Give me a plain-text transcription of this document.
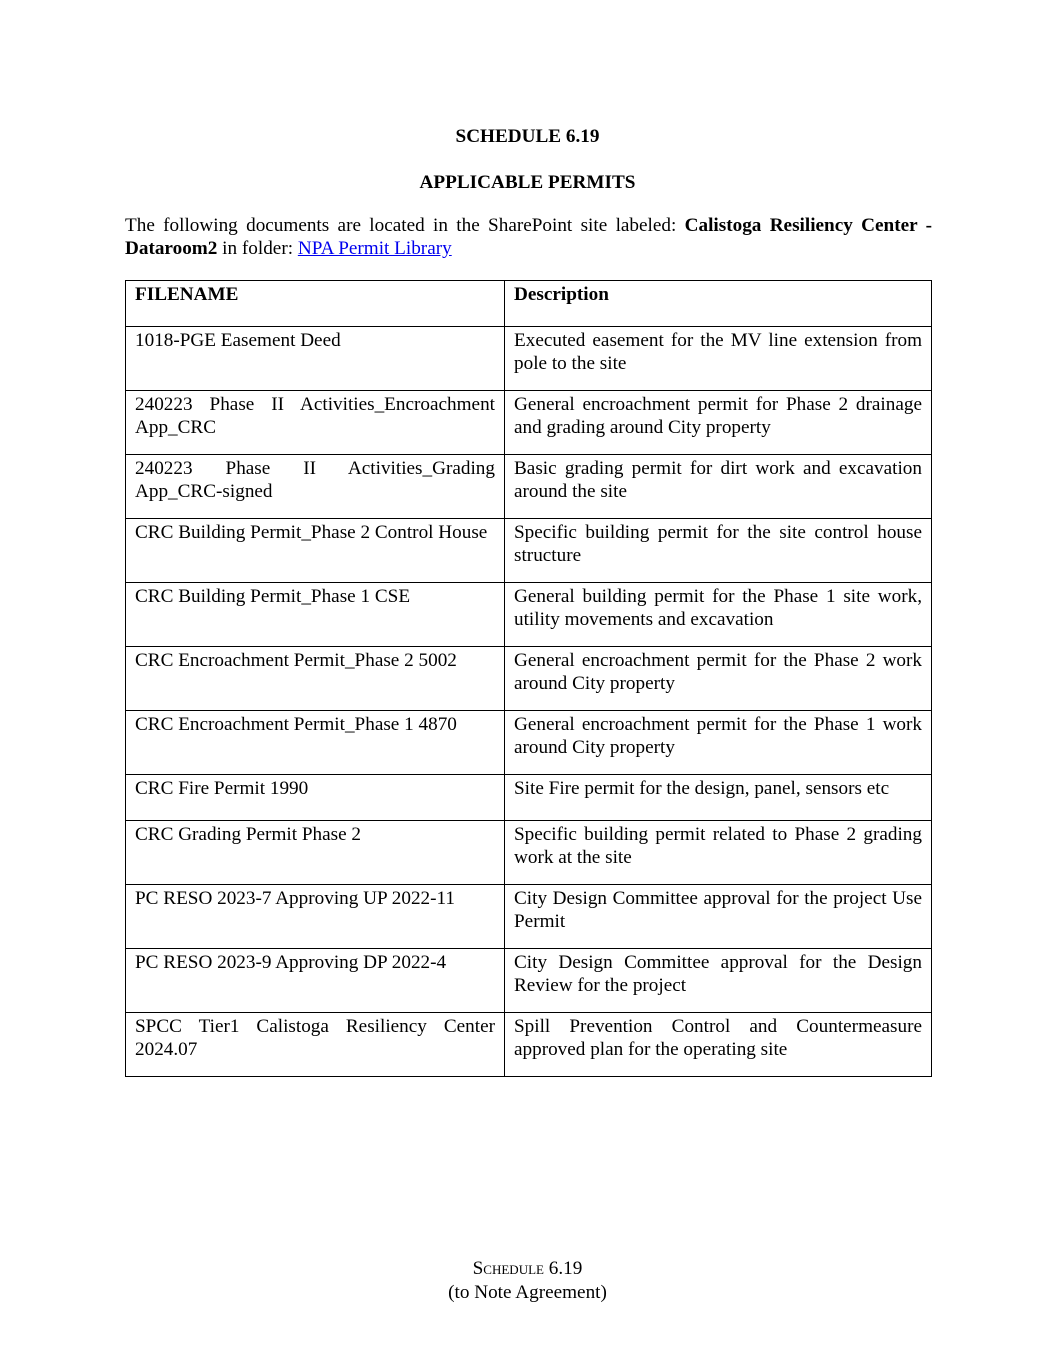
SCHEDULE 6.19

APPLICABLE PERMITS

The following documents are located in the SharePoint site labeled: Calistoga Resiliency Center - Dataroom2 in folder: NPA Permit Library

FILENAME	Description
1018-PGE Easement Deed	Executed easement for the MV line extension from pole to the site
240223 Phase II Activities_Encroachment App_CRC	General encroachment permit for Phase 2 drainage and grading around City property
240223 Phase II Activities_Grading App_CRC-signed	Basic grading permit for dirt work and excavation around the site
CRC Building Permit_Phase 2 Control House	Specific building permit for the site control house structure
CRC Building Permit_Phase 1 CSE	General building permit for the Phase 1 site work, utility movements and excavation
CRC Encroachment Permit_Phase 2 5002	General encroachment permit for the Phase 2 work around City property
CRC Encroachment Permit_Phase 1 4870	General encroachment permit for the Phase 1 work around City property
CRC Fire Permit 1990	Site Fire permit for the design, panel, sensors etc
CRC Grading Permit Phase 2	Specific building permit related to Phase 2 grading work at the site
PC RESO 2023-7 Approving UP 2022-11	City Design Committee approval for the project Use Permit
PC RESO 2023-9 Approving DP 2022-4	City Design Committee approval for the Design Review for the project
SPCC Tier1 Calistoga Resiliency Center 2024.07	Spill Prevention Control and Countermeasure approved plan for the operating site
Schedule 6.19
(to Note Agreement)
